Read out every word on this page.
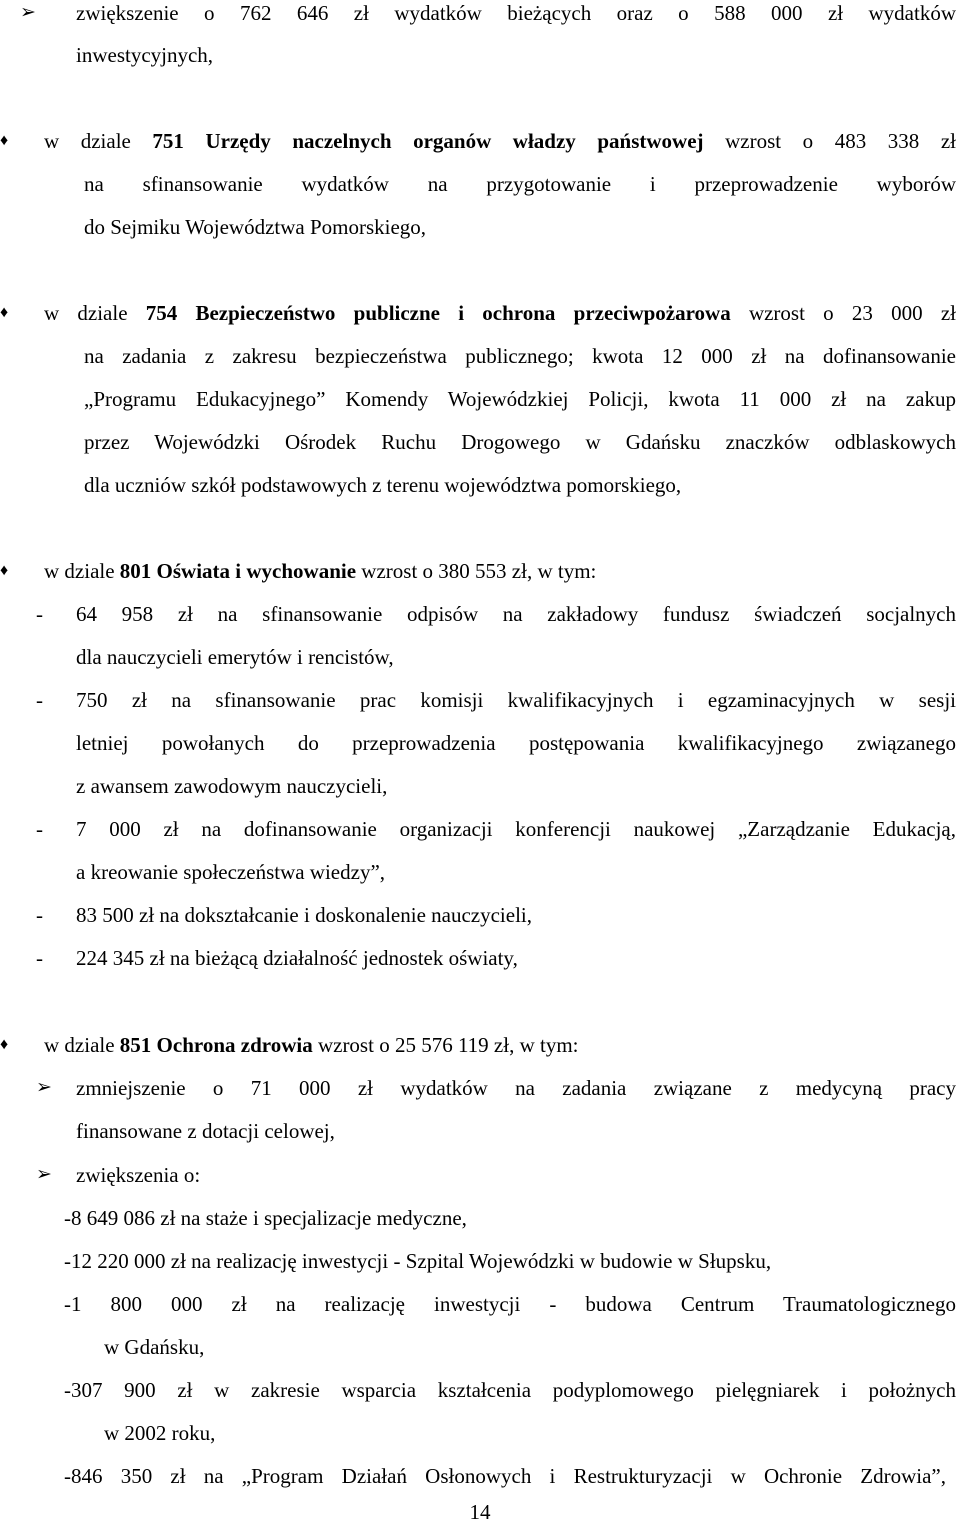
➢ zwiększenie o 762 646 zł wydatków bieżących oraz o 588 000 zł wydatków
inwestycyjnych,
♦ w dziale 751 Urzędy naczelnych organów władzy państwowej wzrost o 483 338 zł
na sfinansowanie wydatków na przygotowanie i przeprowadzenie wyborów
do Sejmiku Województwa Pomorskiego,
♦ w dziale 754 Bezpieczeństwo publiczne i ochrona przeciwpożarowa wzrost o 23 000 zł
na zadania z zakresu bezpieczeństwa publicznego; kwota 12 000 zł na dofinansowanie
„Programu Edukacyjnego” Komendy Wojewódzkiej Policji, kwota 11 000 zł na zakup
przez Wojewódzki Ośrodek Ruchu Drogowego w Gdańsku znaczków odblaskowych
dla uczniów szkół podstawowych z terenu województwa pomorskiego,
♦ w dziale 801 Oświata i wychowanie wzrost o 380 553 zł, w tym:
- 64 958 zł na sfinansowanie odpisów na zakładowy fundusz świadczeń socjalnych
dla nauczycieli emerytów i rencistów,
- 750 zł na sfinansowanie prac komisji kwalifikacyjnych i egzaminacyjnych w sesji
letniej powołanych do przeprowadzenia postępowania kwalifikacyjnego związanego
z awansem zawodowym nauczycieli,
- 7 000 zł na dofinansowanie organizacji konferencji naukowej „Zarządzanie Edukacją,
a kreowanie społeczeństwa wiedzy”,
- 83 500 zł na dokształcanie i doskonalenie nauczycieli,
- 224 345 zł na bieżącą działalność jednostek oświaty,
♦ w dziale 851 Ochrona zdrowia wzrost o 25 576 119 zł, w tym:
➢ zmniejszenie o 71 000 zł wydatków na zadania związane z medycyną pracy
finansowane z dotacji celowej,
➢ zwiększenia o:
-8 649 086 zł na staże i specjalizacje medyczne,
-12 220 000 zł na realizację inwestycji - Szpital Wojewódzki w budowie w Słupsku,
-1 800 000 zł na realizację inwestycji - budowa Centrum Traumatologicznego
w Gdańsku,
-307 900 zł w zakresie wsparcia kształcenia podyplomowego pielęgniarek i położnych
w 2002 roku,
-846 350 zł na „Program Działań Osłonowych i Restrukturyzacji w Ochronie Zdrowia”,
14
